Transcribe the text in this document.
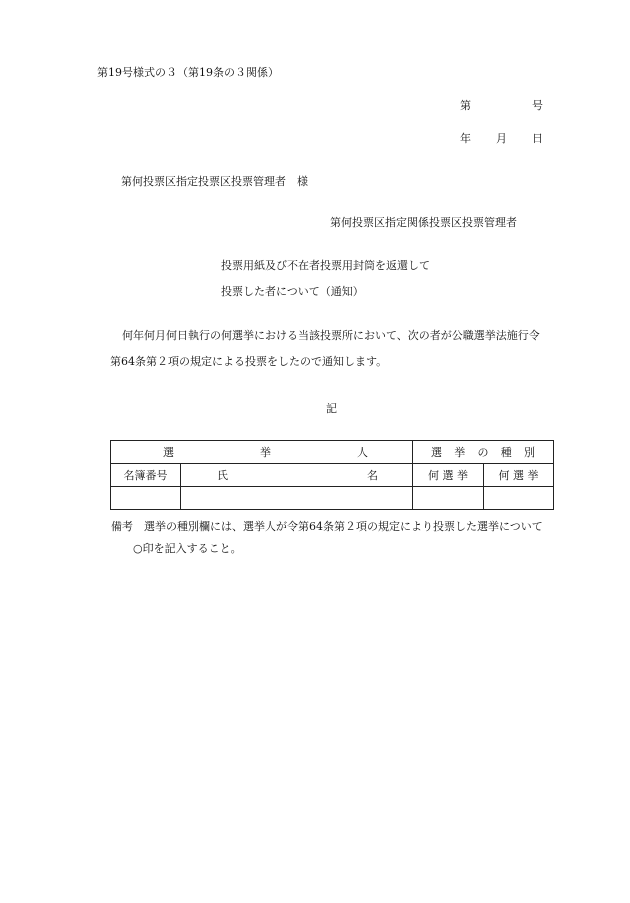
第19号様式の３（第19条の３関係）
第	号
年 月 日
第何投票区指定投票区投票管理者　様
第何投票区指定関係投票区投票管理者
投票用紙及び不在者投票用封筒を返還して
投票した者について（通知）
何年何月何日執行の何選挙における当該投票所において、次の者が公職選挙法施行令
第64条第２項の規定による投票をしたので通知します。
記
選 挙 人		選 挙 の 種 別	

名簿番号	氏 名	何 選 挙	何 選 挙

備考　選挙の種別欄には、選挙人が令第64条第２項の規定により投票した選挙について
○印を記入すること。
